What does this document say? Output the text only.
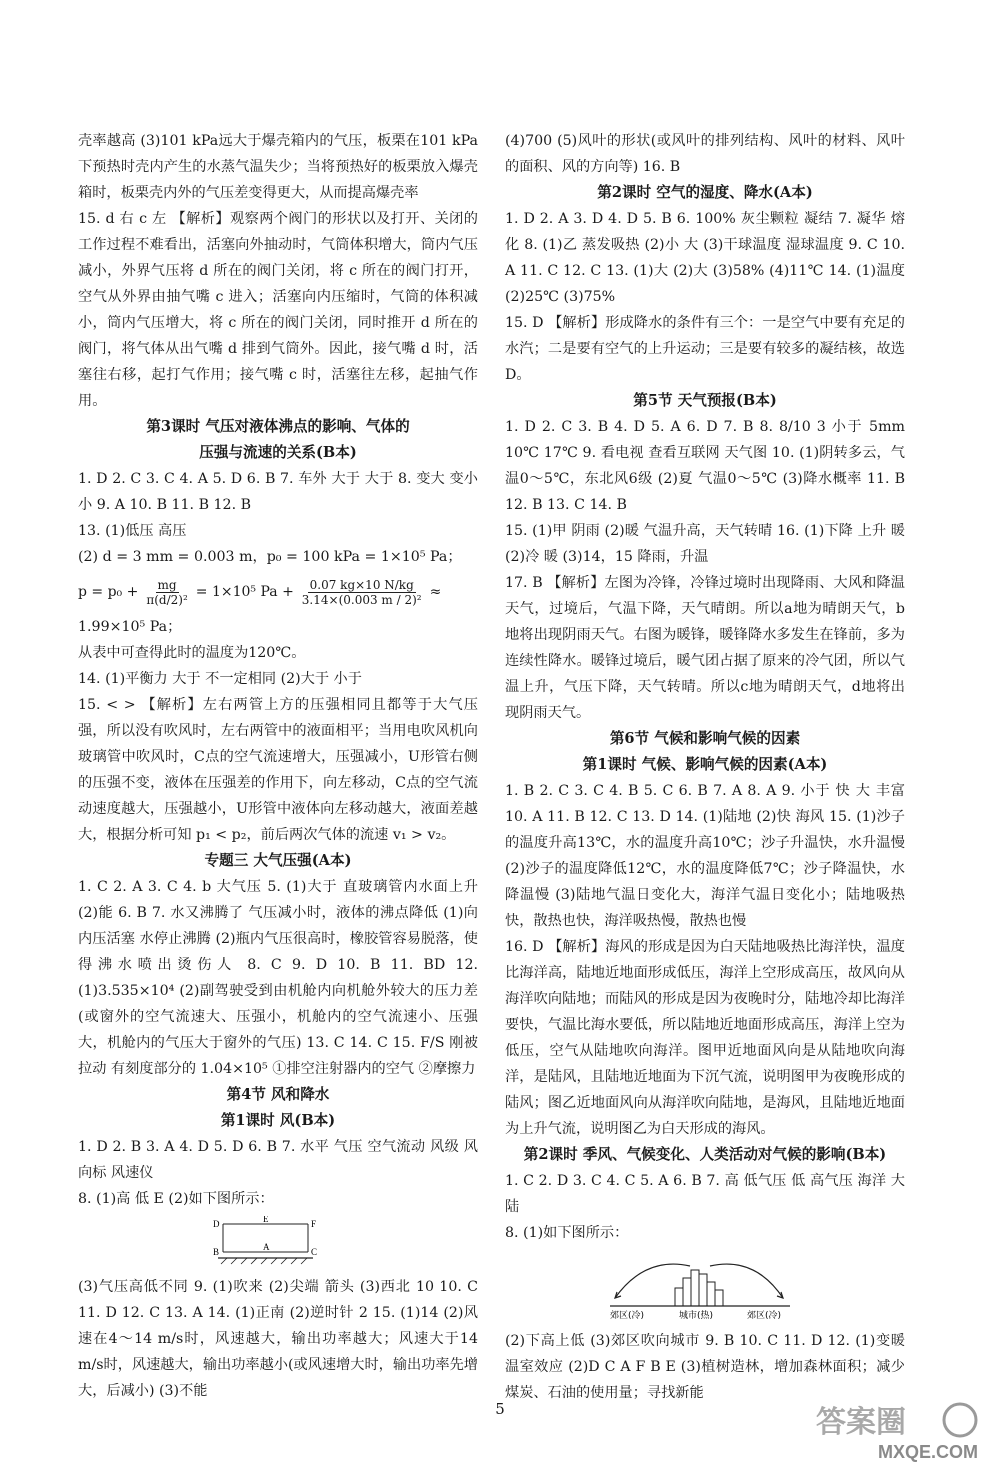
壳率越高 (3)101 kPa远大于爆壳箱内的气压，板栗在101 kPa下预热时壳内产生的水蒸气温失少；当将预热好的板栗放入爆壳箱时，板栗壳内外的气压差变得更大，从而提高爆壳率

15. d 右 c 左 【解析】观察两个阀门的形状以及打开、关闭的工作过程不难看出，活塞向外抽动时，气筒体积增大，筒内气压减小，外界气压将 d 所在的阀门关闭，将 c 所在的阀门打开，空气从外界由抽气嘴 c 进入；活塞向内压缩时，气筒的体积减小，筒内气压增大，将 c 所在的阀门关闭，同时推开 d 所在的阀门，将气体从出气嘴 d 排到气筒外。因此，接气嘴 d 时，活塞往右移，起打气作用；接气嘴 c 时，活塞往左移，起抽气作用。

第3课时 气压对液体沸点的影响、气体的

压强与流速的关系(B本)

1. D 2. C 3. C 4. A 5. D 6. B 7. 车外 大于 大于 8. 变大 变小 小 9. A 10. B 11. B 12. B

13. (1)低压 高压

(2) d = 3 mm = 0.003 m，p₀ = 100 kPa = 1×10⁵ Pa；

$p = p_0 + \frac{mg}{\text{π(d/2)²}} = 1\times 10^5$ $Pa + \frac{0.07 kg\times 10 N/kg}{\text{3.14×(0.003 m / 2)²}}$ ≈

1.99×10⁵ Pa；

从表中可查得此时的温度为120℃。

14. (1)平衡力 大于 不一定相同 (2)大于 小于

15. < > 【解析】左右两管上方的压强相同且都等于大气压强，所以没有吹风时，左右两管中的液面相平；当用电吹风机向玻璃管中吹风时，C点的空气流速增大，压强减小，U形管右侧的压强不变，液体在压强差的作用下，向左移动，C点的空气流动速度越大，压强越小，U形管中液体向左移动越大，液面差越大，根据分析可知 p₁ < p₂，前后两次气体的流速 v₁ > v₂。

专题三 大气压强(A本)

1. C 2. A 3. C 4. b 大气压 5. (1)大于 直玻璃管内水面上升 (2)能 6. B 7. 水又沸腾了 气压减小时，液体的沸点降低 (1)向内压活塞 水停止沸腾 (2)瓶内气压很高时，橡胶管容易脱落，使得沸水喷出烫伤人 8. C 9. D 10. B 11. BD 12. (1)3.535×10⁴ (2)副驾驶受到由机舱内向机舱外较大的压力差(或窗外的空气流速大、压强小，机舱内的空气流速小、压强大，机舱内的气压大于窗外的气压) 13. C 14. C 15. F/S 刚被拉动 有刻度部分的 1.04×10⁵ ①排空注射器内的空气 ②摩擦力

第4节 风和降水

第1课时 风(B本)

1. D 2. B 3. A 4. D 5. D 6. B 7. 水平 气压 空气流动 风级 风向标 风速仪

8. (1)高 低 E (2)如下图所示：

D	E	F
B	A	C

(3)气压高低不同 9. (1)吹来 (2)尖端 箭头 (3)西北 10 10. C 11. D 12. C 13. A 14. (1)正南 (2)逆时针 2 15. (1)14 (2)风速在4～14 m/s时，风速越大，输出功率越大；风速大于14 m/s时，风速越大，输出功率越小(或风速增大时，输出功率先增大，后减小) (3)不能

(4)700 (5)风叶的形状(或风叶的排列结构、风叶的材料、风叶的面积、风的方向等) 16. B

第2课时 空气的湿度、降水(A本)

1. D 2. A 3. D 4. D 5. B 6. 100% 灰尘颗粒 凝结 7. 凝华 熔化 8. (1)乙 蒸发吸热 (2)小 大 (3)干球温度 湿球温度 9. C 10. A 11. C 12. C 13. (1)大 (2)大 (3)58% (4)11℃ 14. (1)温度 (2)25℃ (3)75%

15. D 【解析】形成降水的条件有三个：一是空气中要有充足的水汽；二是要有空气的上升运动；三是要有较多的凝结核，故选D。

第5节 天气预报(B本)

1. D 2. C 3. B 4. D 5. A 6. D 7. B 8. 8/10 3 小于 5mm 10℃ 17℃ 9. 看电视 查看互联网 天气图 10. (1)阴转多云，气温0～5℃，东北风6级 (2)夏 气温0～5℃ (3)降水概率 11. B 12. B 13. C 14. B

15. (1)甲 阴雨 (2)暖 气温升高，天气转晴 16. (1)下降 上升 暖 (2)冷 暖 (3)14，15 降雨，升温

17. B 【解析】左图为冷锋，冷锋过境时出现降雨、大风和降温天气，过境后，气温下降，天气晴朗。所以a地为晴朗天气，b地将出现阴雨天气。右图为暖锋，暖锋降水多发生在锋前，多为连续性降水。暖锋过境后，暖气团占据了原来的冷气团，所以气温上升，气压下降，天气转晴。所以c地为晴朗天气，d地将出现阴雨天气。

第6节 气候和影响气候的因素

第1课时 气候、影响气候的因素(A本)

1. B 2. C 3. C 4. B 5. C 6. B 7. A 8. A 9. 小于 快 大 丰富 10. A 11. B 12. C 13. D 14. (1)陆地 (2)快 海风 15. (1)沙子的温度升高13℃，水的温度升高10℃；沙子升温快，水升温慢 (2)沙子的温度降低12℃，水的温度降低7℃；沙子降温快，水降温慢 (3)陆地气温日变化大，海洋气温日变化小；陆地吸热快，散热也快，海洋吸热慢，散热也慢

16. D 【解析】海风的形成是因为白天陆地吸热比海洋快，温度比海洋高，陆地近地面形成低压，海洋上空形成高压，故风向从海洋吹向陆地；而陆风的形成是因为夜晚时分，陆地冷却比海洋要快，气温比海水要低，所以陆地近地面形成高压，海洋上空为低压，空气从陆地吹向海洋。图甲近地面风向是从陆地吹向海洋，是陆风，且陆地近地面为下沉气流，说明图甲为夜晚形成的陆风；图乙近地面风向从海洋吹向陆地，是海风，且陆地近地面为上升气流，说明图乙为白天形成的海风。

第2课时 季风、气候变化、人类活动对气候的影响(B本)

1. C 2. D 3. C 4. C 5. A 6. B 7. 高 低气压 低 高气压 海洋 大陆

8. (1)如下图所示：

郊区(冷)	城市(热)	郊区(冷)

(2)下高上低 (3)郊区吹向城市 9. B 10. C 11. D 12. (1)变暖 温室效应 (2)D C A F B E (3)植树造林，增加森林面积；减少煤炭、石油的使用量；寻找新能

5	答案圈
MXQE.COM
